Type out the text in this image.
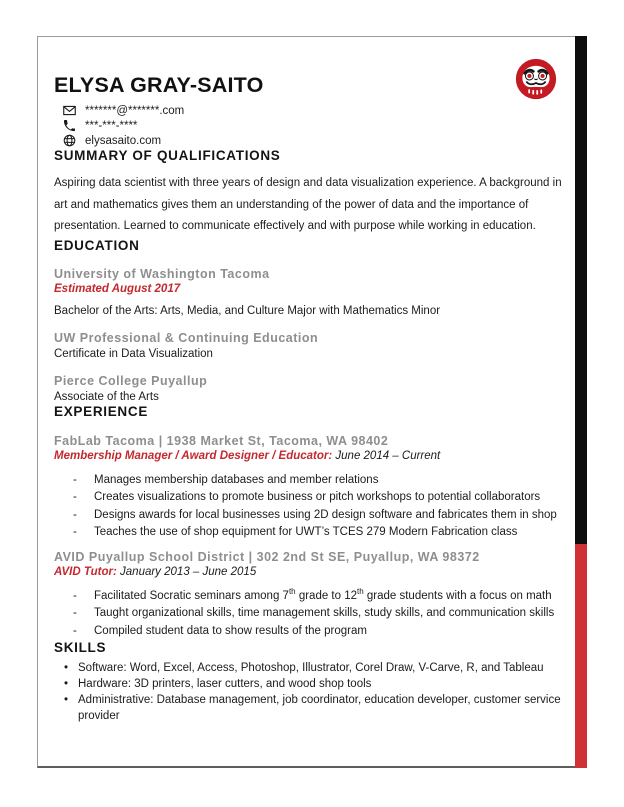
ELYSA GRAY-SAITO
*******@*******.com
***-***-****
elysasaito.com
SUMMARY OF QUALIFICATIONS

Aspiring data scientist with three years of design and data visualization experience. A background in art and mathematics gives them an understanding of the power of data and the importance of presentation. Learned to communicate effectively and with purpose while working in education.

EDUCATION
University of Washington Tacoma
Estimated August 2017
Bachelor of the Arts: Arts, Media, and Culture Major with Mathematics Minor
UW Professional & Continuing Education
Certificate in Data Visualization
Pierce College Puyallup
Associate of the Arts
EXPERIENCE
FabLab Tacoma | 1938 Market St, Tacoma, WA 98402
Membership Manager / Award Designer / Educator: June 2014 – Current
- Manages membership databases and member relations
- Creates visualizations to promote business or pitch workshops to potential collaborators
- Designs awards for local businesses using 2D design software and fabricates them in shop
- Teaches the use of shop equipment for UWT’s TCES 279 Modern Fabrication class
AVID Puyallup School District | 302 2nd St SE, Puyallup, WA 98372
AVID Tutor: January 2013 – June 2015
- Facilitated Socratic seminars among 7th grade to 12th grade students with a focus on math
- Taught organizational skills, time management skills, study skills, and communication skills
- Compiled student data to show results of the program
SKILLS
• Software: Word, Excel, Access, Photoshop, Illustrator, Corel Draw, V-Carve, R, and Tableau
• Hardware: 3D printers, laser cutters, and wood shop tools
• Administrative: Database management, job coordinator, education developer, customer service provider
